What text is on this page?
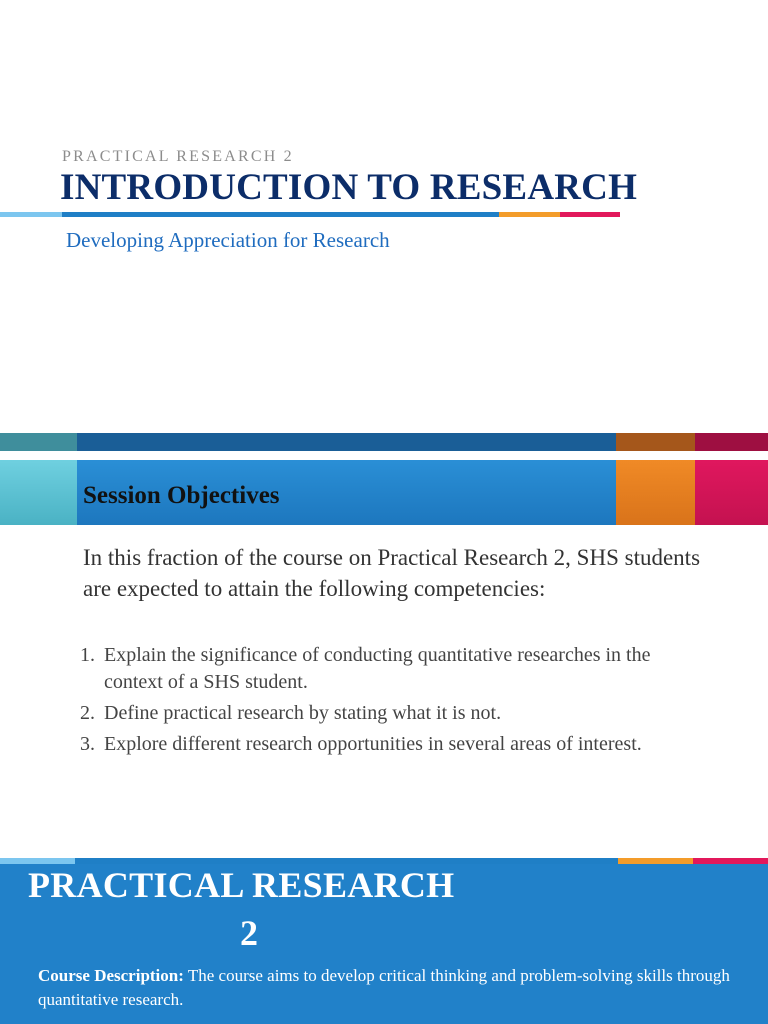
PRACTICAL RESEARCH 2
INTRODUCTION TO RESEARCH
Developing Appreciation for Research
Session Objectives
In this fraction of the course on Practical Research 2, SHS students are expected to attain the following competencies:
1. Explain the significance of conducting quantitative researches in the context of a SHS student.
2. Define practical research by stating what it is not.
3. Explore different research opportunities in several areas of interest.
PRACTICAL RESEARCH
2
Course Description: The course aims to develop critical thinking and problem-solving skills through quantitative research.
